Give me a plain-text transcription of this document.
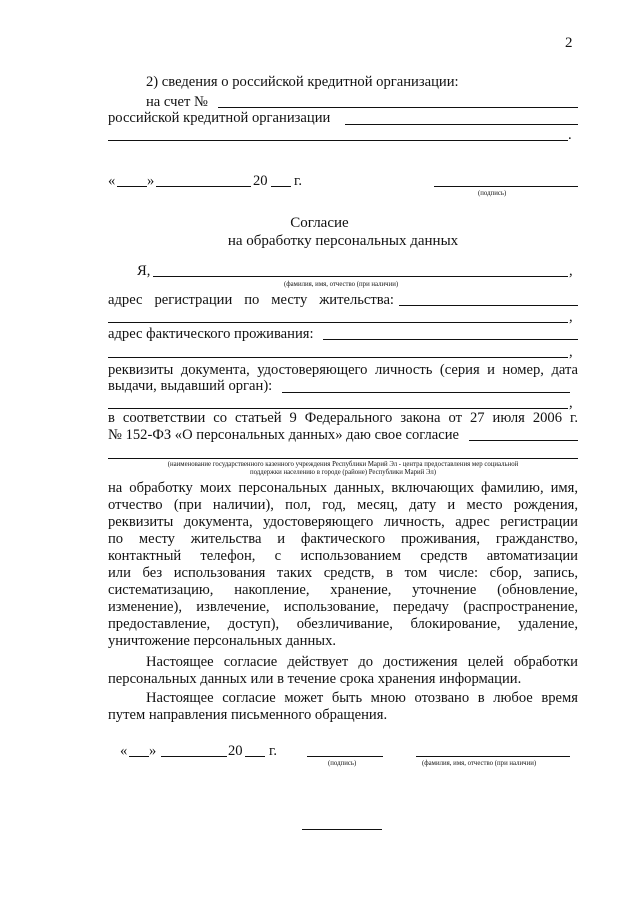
2
2) сведения о российской кредитной организации:
на счет №
российской кредитной организации
.
« »	20 г.
(подпись)
Согласие
на обработку персональных данных
Я,	,
(фамилия, имя, отчество (при наличии)
адрес регистрации по месту жительства:
,
адрес фактического проживания:
,
реквизиты документа, удостоверяющего личность (серия и номер, дата
выдачи, выдавший орган):
,
в соответствии со статьей 9 Федерального закона от 27 июля 2006 г.
№ 152-ФЗ «О персональных данных» даю свое согласие
(наименование государственного казенного учреждения Республики Марий Эл - центра предоставления мер социальной
поддержки населению в городе (районе) Республики Марий Эл)
на обработку моих персональных данных, включающих фамилию, имя,
отчество (при наличии), пол, год, месяц, дату и место рождения,
реквизиты документа, удостоверяющего личность, адрес регистрации
по месту жительства и фактического проживания, гражданство,
контактный телефон, с использованием средств автоматизации
или без использования таких средств, в том числе: сбор, запись,
систематизацию, накопление, хранение, уточнение (обновление,
изменение), извлечение, использование, передачу (распространение,
предоставление, доступ), обезличивание, блокирование, удаление,
уничтожение персональных данных.
Настоящее согласие действует до достижения целей обработки
персональных данных или в течение срока хранения информации.
Настоящее согласие может быть мною отозвано в любое время
путем направления письменного обращения.
« »	20 г.
(подпись)	(фамилия, имя, отчество (при наличии)
